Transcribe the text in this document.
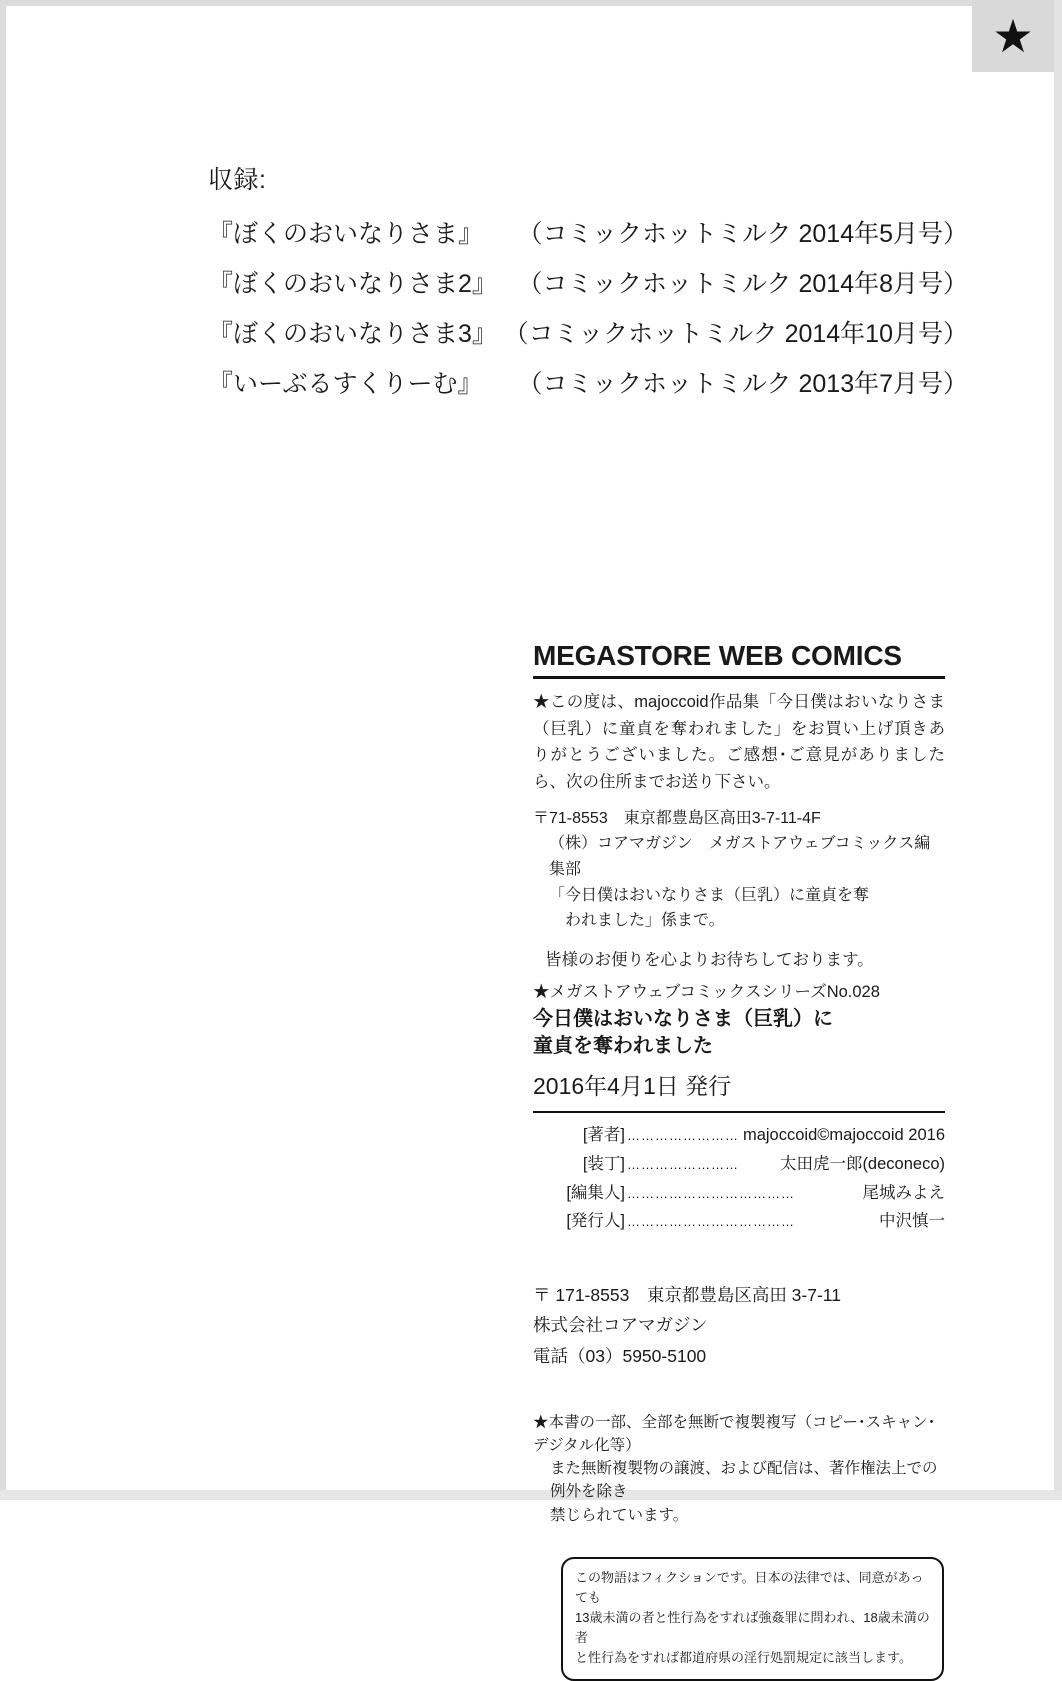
★
収録:
『ぼくのおいなりさま』	（コミックホットミルク 2014年5月号）
『ぼくのおいなりさま2』 （コミックホットミルク 2014年8月号）
『ぼくのおいなりさま3』 （コミックホットミルク 2014年10月号）
『いーぶるすくりーむ』	（コミックホットミルク 2013年7月号）
MEGASTORE WEB COMICS

★この度は、majoccoid作品集「今日僕はおいなりさま（巨乳）に童貞を奪われました」をお買い上げ頂きありがとうございました。ご感想･ご意見がありましたら、次の住所までお送り下さい。

〒71-8553　東京都豊島区高田3-7-11-4F
（株）コアマガジン　メガストアウェブコミックス編集部
「今日僕はおいなりさま（巨乳）に童貞を奪
われました」係まで。
皆様のお便りを心よりお待ちしております。
★メガストアウェブコミックスシリーズNo.028
今日僕はおいなりさま（巨乳）に
童貞を奪われました
2016年4月1日 発行
[著者] …………………… majoccoid ©majoccoid 2016
[装丁] ……………………	太田虎一郎(deconeco)
[編集人] ………………………………	尾城みよえ
[発行人] ………………………………	中沢慎一
〒 171-8553　東京都豊島区高田 3-7-11
株式会社コアマガジン
電話（03）5950-5100
★本書の一部、全部を無断で複製複写（コピー･スキャン･デジタル化等）
また無断複製物の譲渡、および配信は、著作権法上での例外を除き
禁じられています。
この物語はフィクションです。日本の法律では、同意があっても
13歳未満の者と性行為をすれば強姦罪に問われ、18歳未満の者
と性行為をすれば都道府県の淫行処罰規定に該当します。
